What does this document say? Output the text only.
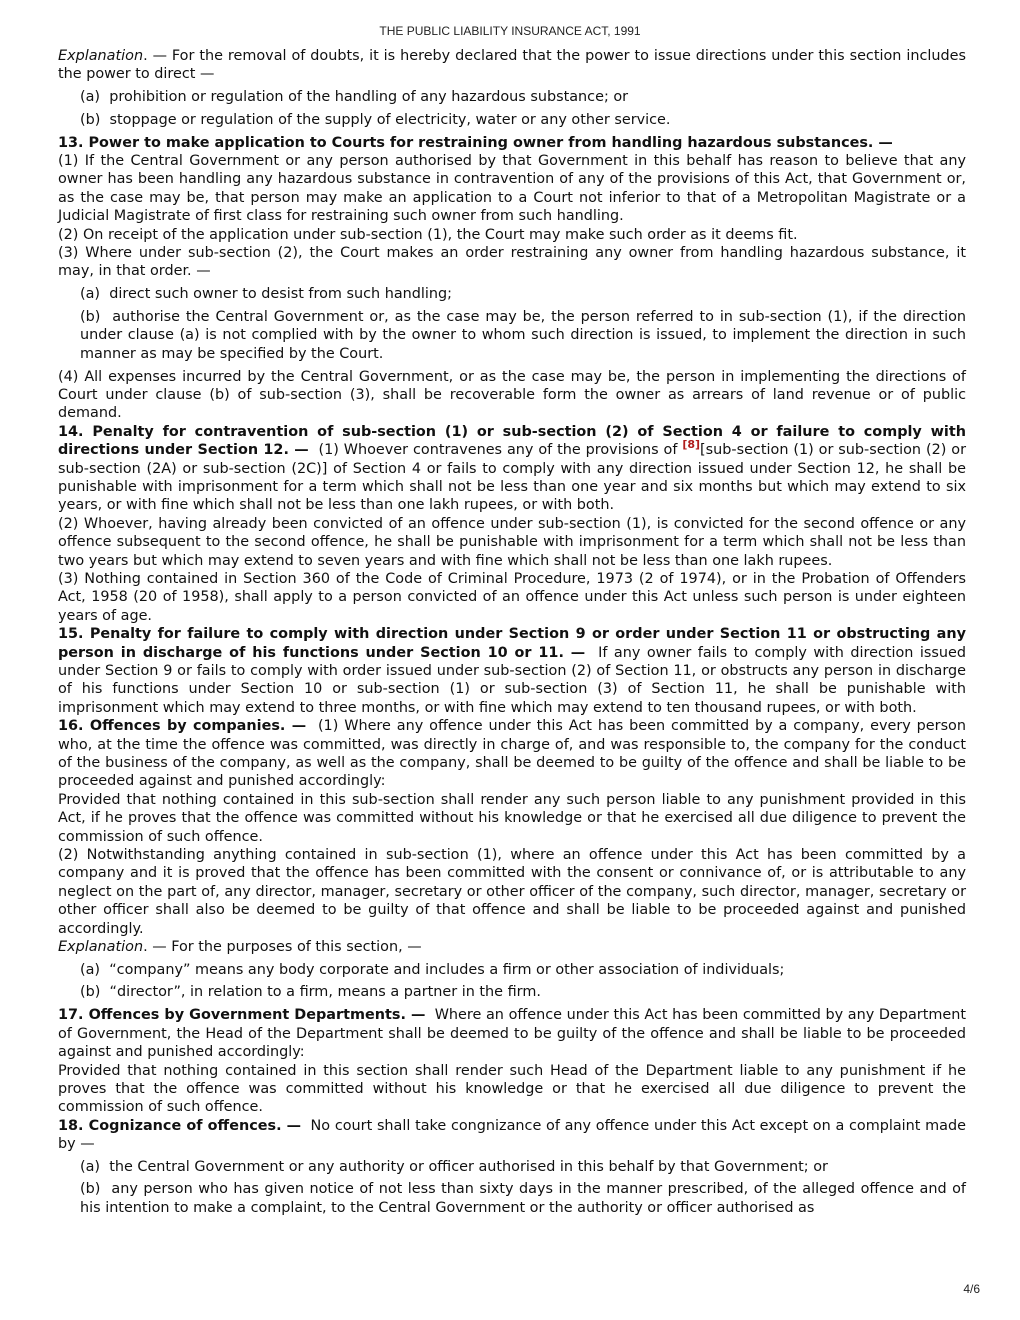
THE PUBLIC LIABILITY INSURANCE ACT, 1991

Explanation. — For the removal of doubts, it is hereby declared that the power to issue directions under this section includes the power to direct —

(a) prohibition or regulation of the handling of any hazardous substance; or

(b) stoppage or regulation of the supply of electricity, water or any other service.

13. Power to make application to Courts for restraining owner from handling hazardous substances. —

(1) If the Central Government or any person authorised by that Government in this behalf has reason to believe that any owner has been handling any hazardous substance in contravention of any of the provisions of this Act, that Government or, as the case may be, that person may make an application to a Court not inferior to that of a Metropolitan Magistrate or a Judicial Magistrate of first class for restraining such owner from such handling.

(2) On receipt of the application under sub-section (1), the Court may make such order as it deems fit.

(3) Where under sub-section (2), the Court makes an order restraining any owner from handling hazardous substance, it may, in that order. —

(a) direct such owner to desist from such handling;

(b) authorise the Central Government or, as the case may be, the person referred to in sub-section (1), if the direction under clause (a) is not complied with by the owner to whom such direction is issued, to implement the direction in such manner as may be specified by the Court.

(4) All expenses incurred by the Central Government, or as the case may be, the person in implementing the directions of Court under clause (b) of sub-section (3), shall be recoverable form the owner as arrears of land revenue or of public demand.

14. Penalty for contravention of sub-section (1) or sub-section (2) of Section 4 or failure to comply with directions under Section 12. — (1) Whoever contravenes any of the provisions of [8][sub-section (1) or sub-section (2) or sub-section (2A) or sub-section (2C)] of Section 4 or fails to comply with any direction issued under Section 12, he shall be punishable with imprisonment for a term which shall not be less than one year and six months but which may extend to six years, or with fine which shall not be less than one lakh rupees, or with both.

(2) Whoever, having already been convicted of an offence under sub-section (1), is convicted for the second offence or any offence subsequent to the second offence, he shall be punishable with imprisonment for a term which shall not be less than two years but which may extend to seven years and with fine which shall not be less than one lakh rupees.

(3) Nothing contained in Section 360 of the Code of Criminal Procedure, 1973 (2 of 1974), or in the Probation of Offenders Act, 1958 (20 of 1958), shall apply to a person convicted of an offence under this Act unless such person is under eighteen years of age.

15. Penalty for failure to comply with direction under Section 9 or order under Section 11 or obstructing any person in discharge of his functions under Section 10 or 11. — If any owner fails to comply with direction issued under Section 9 or fails to comply with order issued under sub-section (2) of Section 11, or obstructs any person in discharge of his functions under Section 10 or sub-section (1) or sub-section (3) of Section 11, he shall be punishable with imprisonment which may extend to three months, or with fine which may extend to ten thousand rupees, or with both.

16. Offences by companies. — (1) Where any offence under this Act has been committed by a company, every person who, at the time the offence was committed, was directly in charge of, and was responsible to, the company for the conduct of the business of the company, as well as the company, shall be deemed to be guilty of the offence and shall be liable to be proceeded against and punished accordingly:

Provided that nothing contained in this sub-section shall render any such person liable to any punishment provided in this Act, if he proves that the offence was committed without his knowledge or that he exercised all due diligence to prevent the commission of such offence.

(2) Notwithstanding anything contained in sub-section (1), where an offence under this Act has been committed by a company and it is proved that the offence has been committed with the consent or connivance of, or is attributable to any neglect on the part of, any director, manager, secretary or other officer of the company, such director, manager, secretary or other officer shall also be deemed to be guilty of that offence and shall be liable to be proceeded against and punished accordingly.

Explanation. — For the purposes of this section, —

(a) “company” means any body corporate and includes a firm or other association of individuals;

(b) “director”, in relation to a firm, means a partner in the firm.

17. Offences by Government Departments. — Where an offence under this Act has been committed by any Department of Government, the Head of the Department shall be deemed to be guilty of the offence and shall be liable to be proceeded against and punished accordingly:

Provided that nothing contained in this section shall render such Head of the Department liable to any punishment if he proves that the offence was committed without his knowledge or that he exercised all due diligence to prevent the commission of such offence.

18. Cognizance of offences. — No court shall take congnizance of any offence under this Act except on a complaint made by —

(a) the Central Government or any authority or officer authorised in this behalf by that Government; or

(b) any person who has given notice of not less than sixty days in the manner prescribed, of the alleged offence and of his intention to make a complaint, to the Central Government or the authority or officer authorised as

4/6
